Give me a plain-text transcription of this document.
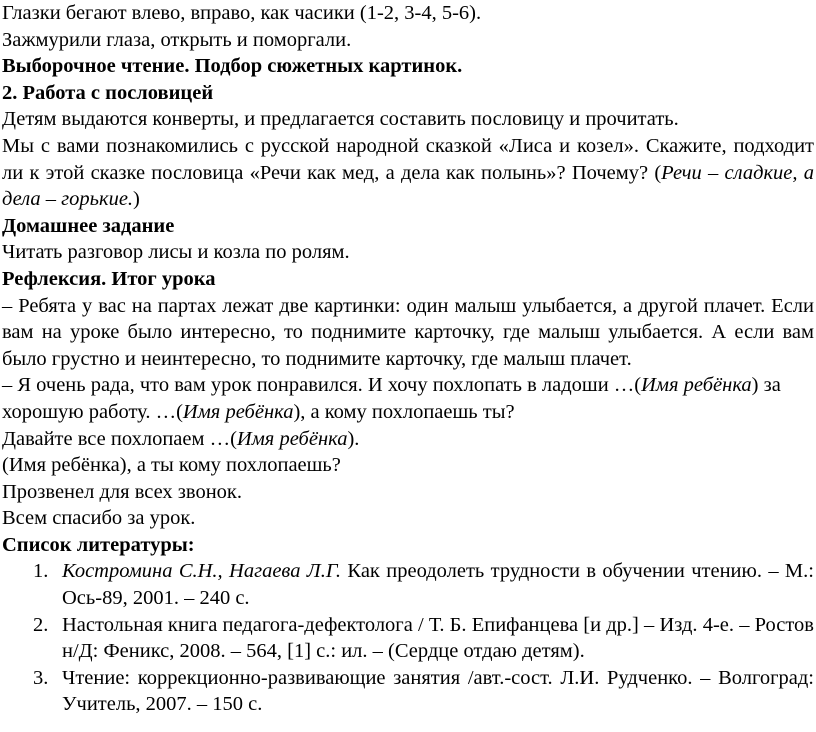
Глазки бегают влево, вправо, как часики (1-2, 3-4, 5-6).

Зажмурили глаза, открыть и поморгали.

Выборочное чтение. Подбор сюжетных картинок.

2. Работа с пословицей

Детям выдаются конверты, и предлагается составить пословицу и прочитать.

Мы с вами познакомились с русской народной сказкой «Лиса и козел». Скажите, подходит ли к этой сказке пословица «Речи как мед, а дела как полынь»? Почему? (Речи – сладкие, а дела – горькие.)

Домашнее задание

Читать разговор лисы и козла по ролям.

Рефлексия. Итог урока

– Ребята у вас на партах лежат две картинки: один малыш улыбается, а другой плачет. Если вам на уроке было интересно, то поднимите карточку, где малыш улыбается. А если вам было грустно и неинтересно, то поднимите карточку, где малыш плачет.

– Я очень рада, что вам урок понравился. И хочу похлопать в ладоши …(Имя ребёнка) за хорошую работу. …(Имя ребёнка), а кому похлопаешь ты?

Давайте все похлопаем …(Имя ребёнка).

(Имя ребёнка), а ты кому похлопаешь?

Прозвенел для всех звонок.

Всем спасибо за урок.

Список литературы:

1. Костромина С.Н., Нагаева Л.Г. Как преодолеть трудности в обучении чтению. – М.: Ось-89, 2001. – 240 с.
2. Настольная книга педагога-дефектолога / Т. Б. Епифанцева [и др.] – Изд. 4-е. – Ростов н/Д: Феникс, 2008. – 564, [1] с.: ил. – (Сердце отдаю детям).
3. Чтение: коррекционно-развивающие занятия /авт.-сост. Л.И. Рудченко. – Волгоград: Учитель, 2007. – 150 с.
